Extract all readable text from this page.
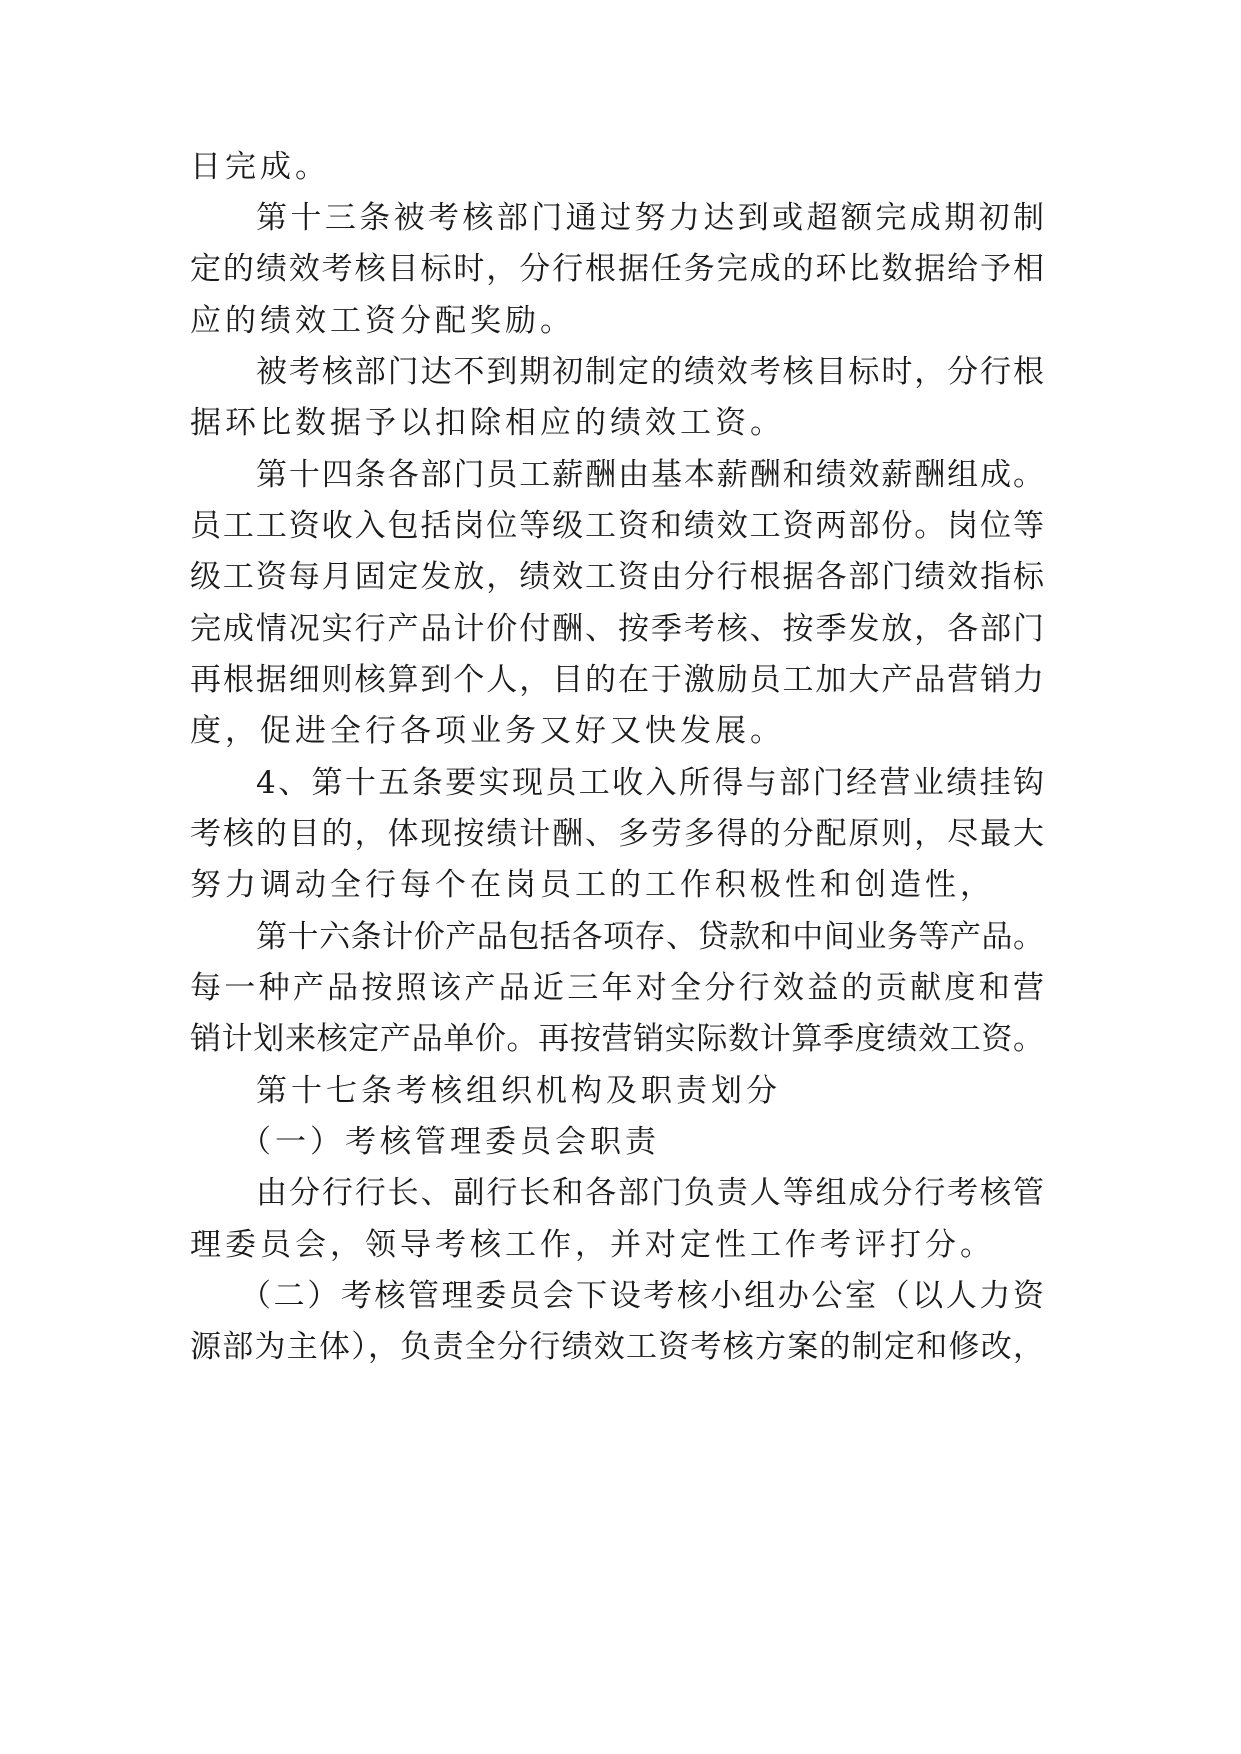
日完成。
第十三条被考核部门通过努力达到或超额完成期初制
定的绩效考核目标时，分行根据任务完成的环比数据给予相
应的绩效工资分配奖励。
被考核部门达不到期初制定的绩效考核目标时，分行根
据环比数据予以扣除相应的绩效工资。
第十四条各部门员工薪酬由基本薪酬和绩效薪酬组成。
员工工资收入包括岗位等级工资和绩效工资两部份。岗位等
级工资每月固定发放，绩效工资由分行根据各部门绩效指标
完成情况实行产品计价付酬、按季考核、按季发放，各部门
再根据细则核算到个人，目的在于激励员工加大产品营销力
度，促进全行各项业务又好又快发展。
4、第十五条要实现员工收入所得与部门经营业绩挂钩
考核的目的，体现按绩计酬、多劳多得的分配原则，尽最大
努力调动全行每个在岗员工的工作积极性和创造性，
第十六条计价产品包括各项存、贷款和中间业务等产品。
每一种产品按照该产品近三年对全分行效益的贡献度和营
销计划来核定产品单价。再按营销实际数计算季度绩效工资。
第十七条考核组织机构及职责划分
（一）考核管理委员会职责
由分行行长、副行长和各部门负责人等组成分行考核管
理委员会，领导考核工作，并对定性工作考评打分。
（二）考核管理委员会下设考核小组办公室（以人力资
源部为主体），负责全分行绩效工资考核方案的制定和修改，
